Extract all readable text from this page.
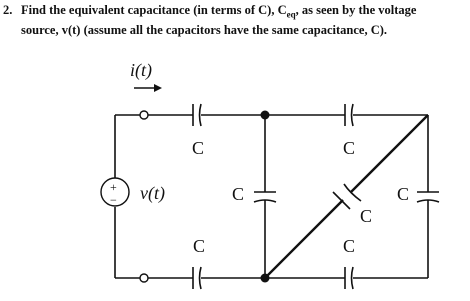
2. Find the equivalent capacitance (in terms of C), $C_{eq}$, as seen by the voltage
source, v(t) (assume all the capacitors have the same capacitance, C).
i(t)
C	C
+
− v(t)
C	C
C
C
C
